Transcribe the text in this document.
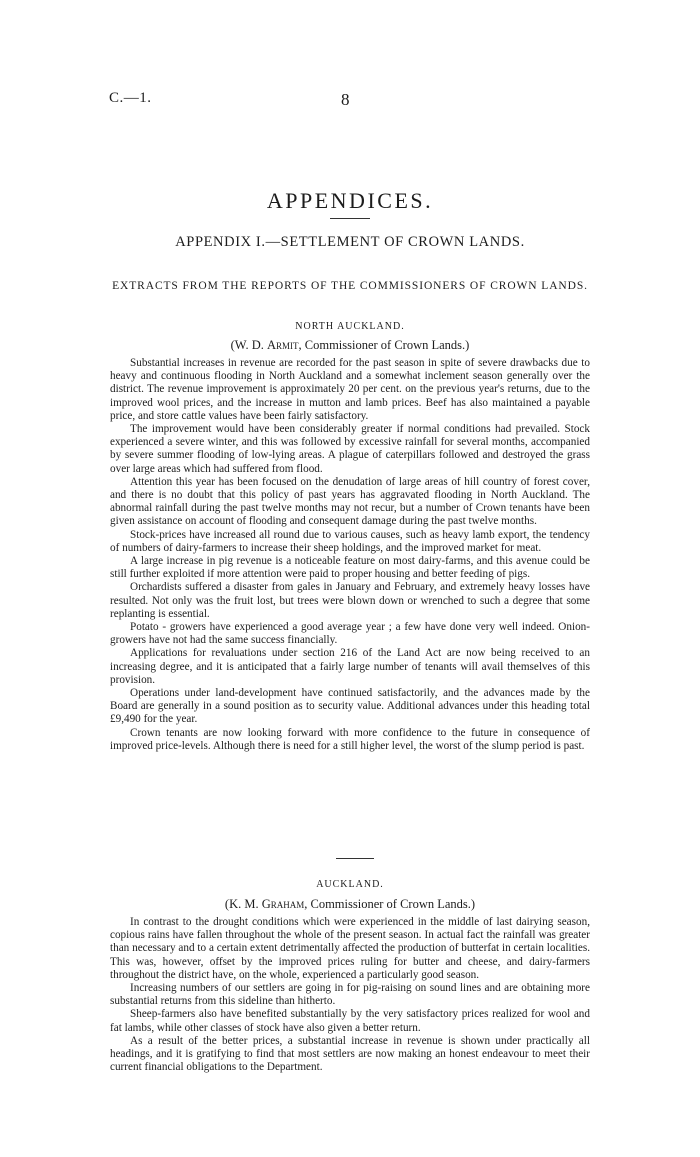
C.—1.	8
APPENDICES.
APPENDIX I.—SETTLEMENT OF CROWN LANDS.
EXTRACTS FROM THE REPORTS OF THE COMMISSIONERS OF CROWN LANDS.
NORTH AUCKLAND.
(W. D. Armit, Commissioner of Crown Lands.)

Substantial increases in revenue are recorded for the past season in spite of severe drawbacks due to heavy and continuous flooding in North Auckland and a somewhat inclement season generally over the district. The revenue improvement is approximately 20 per cent. on the previous year's returns, due to the improved wool prices, and the increase in mutton and lamb prices. Beef has also maintained a payable price, and store cattle values have been fairly satisfactory.

The improvement would have been considerably greater if normal conditions had prevailed. Stock experienced a severe winter, and this was followed by excessive rainfall for several months, accompanied by severe summer flooding of low-lying areas. A plague of caterpillars followed and destroyed the grass over large areas which had suffered from flood.

Attention this year has been focused on the denudation of large areas of hill country of forest cover, and there is no doubt that this policy of past years has aggravated flooding in North Auckland. The abnormal rainfall during the past twelve months may not recur, but a number of Crown tenants have been given assistance on account of flooding and consequent damage during the past twelve months.

Stock-prices have increased all round due to various causes, such as heavy lamb export, the tendency of numbers of dairy-farmers to increase their sheep holdings, and the improved market for meat.

A large increase in pig revenue is a noticeable feature on most dairy-farms, and this avenue could be still further exploited if more attention were paid to proper housing and better feeding of pigs.

Orchardists suffered a disaster from gales in January and February, and extremely heavy losses have resulted. Not only was the fruit lost, but trees were blown down or wrenched to such a degree that some replanting is essential.

Potato - growers have experienced a good average year ; a few have done very well indeed. Onion-growers have not had the same success financially.

Applications for revaluations under section 216 of the Land Act are now being received to an increasing degree, and it is anticipated that a fairly large number of tenants will avail themselves of this provision.

Operations under land-development have continued satisfactorily, and the advances made by the Board are generally in a sound position as to security value. Additional advances under this heading total £9,490 for the year.

Crown tenants are now looking forward with more confidence to the future in consequence of improved price-levels. Although there is need for a still higher level, the worst of the slump period is past.

AUCKLAND.
(K. M. Graham, Commissioner of Crown Lands.)

In contrast to the drought conditions which were experienced in the middle of last dairying season, copious rains have fallen throughout the whole of the present season. In actual fact the rainfall was greater than necessary and to a certain extent detrimentally affected the production of butterfat in certain localities. This was, however, offset by the improved prices ruling for butter and cheese, and dairy-farmers throughout the district have, on the whole, experienced a particularly good season.

Increasing numbers of our settlers are going in for pig-raising on sound lines and are obtaining more substantial returns from this sideline than hitherto.

Sheep-farmers also have benefited substantially by the very satisfactory prices realized for wool and fat lambs, while other classes of stock have also given a better return.

As a result of the better prices, a substantial increase in revenue is shown under practically all headings, and it is gratifying to find that most settlers are now making an honest endeavour to meet their current financial obligations to the Department.
